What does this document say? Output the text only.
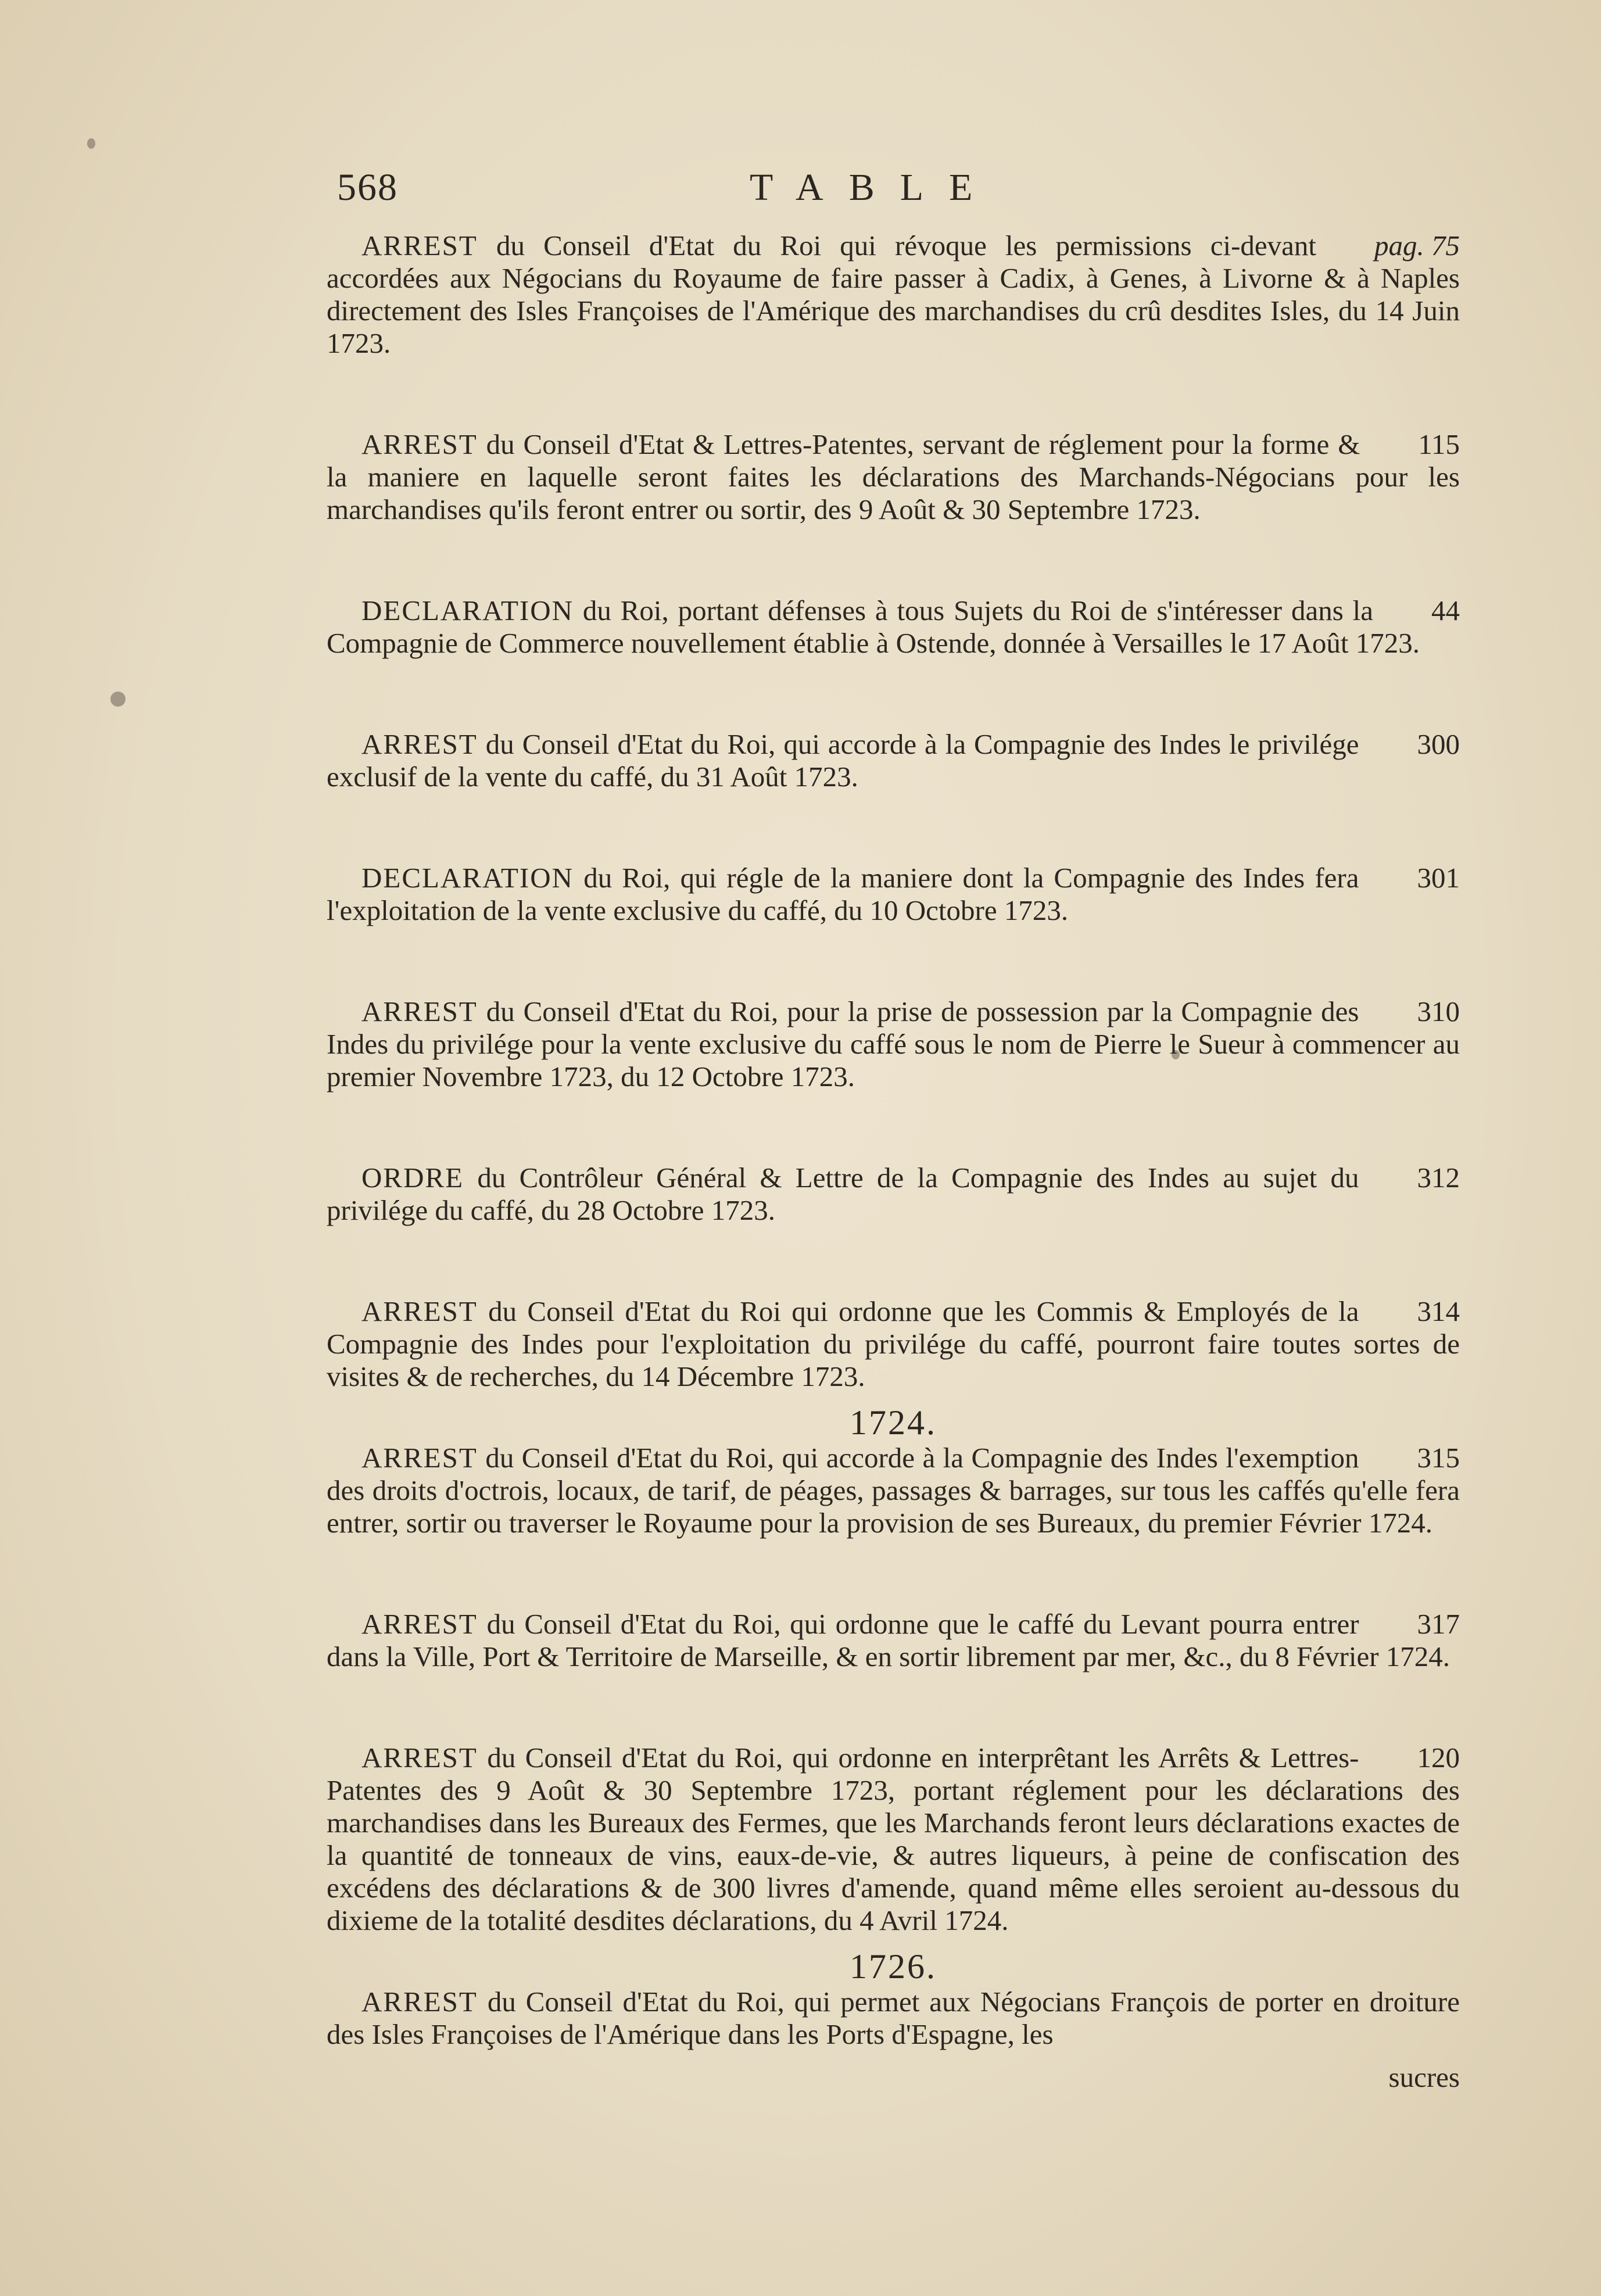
568	TABLE

pag. 75
ARREST du Conseil d'Etat du Roi qui révoque les permissions ci-devant accordées aux Négocians du Royaume de faire passer à Cadix, à Genes, à Livorne & à Naples directement des Isles Françoises de l'Amérique des marchandises du crû desdites Isles, du 14 Juin 1723.

115
ARREST du Conseil d'Etat & Lettres-Patentes, servant de réglement pour la forme & la maniere en laquelle seront faites les déclarations des Marchands-Négocians pour les marchandises qu'ils feront entrer ou sortir, des 9 Août & 30 Septembre 1723.

44
DECLARATION du Roi, portant défenses à tous Sujets du Roi de s'intéresser dans la Compagnie de Commerce nouvellement établie à Ostende, donnée à Versailles le 17 Août 1723.

300
ARREST du Conseil d'Etat du Roi, qui accorde à la Compagnie des Indes le privilége exclusif de la vente du caffé, du 31 Août 1723.

301
DECLARATION du Roi, qui régle de la maniere dont la Compagnie des Indes fera l'exploitation de la vente exclusive du caffé, du 10 Octobre 1723.

310
ARREST du Conseil d'Etat du Roi, pour la prise de possession par la Compagnie des Indes du privilége pour la vente exclusive du caffé sous le nom de Pierre le Sueur à commencer au premier Novembre 1723, du 12 Octobre 1723.

312
ORDRE du Contrôleur Général & Lettre de la Compagnie des Indes au sujet du privilége du caffé, du 28 Octobre 1723.

314
ARREST du Conseil d'Etat du Roi qui ordonne que les Commis & Employés de la Compagnie des Indes pour l'exploitation du privilége du caffé, pourront faire toutes sortes de visites & de recherches, du 14 Décembre 1723.

1724.

315
ARREST du Conseil d'Etat du Roi, qui accorde à la Compagnie des Indes l'exemption des droits d'octrois, locaux, de tarif, de péages, passages & barrages, sur tous les caffés qu'elle fera entrer, sortir ou traverser le Royaume pour la provision de ses Bureaux, du premier Février 1724.

317
ARREST du Conseil d'Etat du Roi, qui ordonne que le caffé du Levant pourra entrer dans la Ville, Port & Territoire de Marseille, & en sortir librement par mer, &c., du 8 Février 1724.

120
ARREST du Conseil d'Etat du Roi, qui ordonne en interprêtant les Arrêts & Lettres-Patentes des 9 Août & 30 Septembre 1723, portant réglement pour les déclarations des marchandises dans les Bureaux des Fermes, que les Marchands feront leurs déclarations exactes de la quantité de tonneaux de vins, eaux-de-vie, & autres liqueurs, à peine de confiscation des excédens des déclarations & de 300 livres d'amende, quand même elles seroient au-dessous du dixieme de la totalité desdites déclarations, du 4 Avril 1724.

1726.

ARREST du Conseil d'Etat du Roi, qui permet aux Négocians François de porter en droiture des Isles Françoises de l'Amérique dans les Ports d'Espagne, les

sucres
